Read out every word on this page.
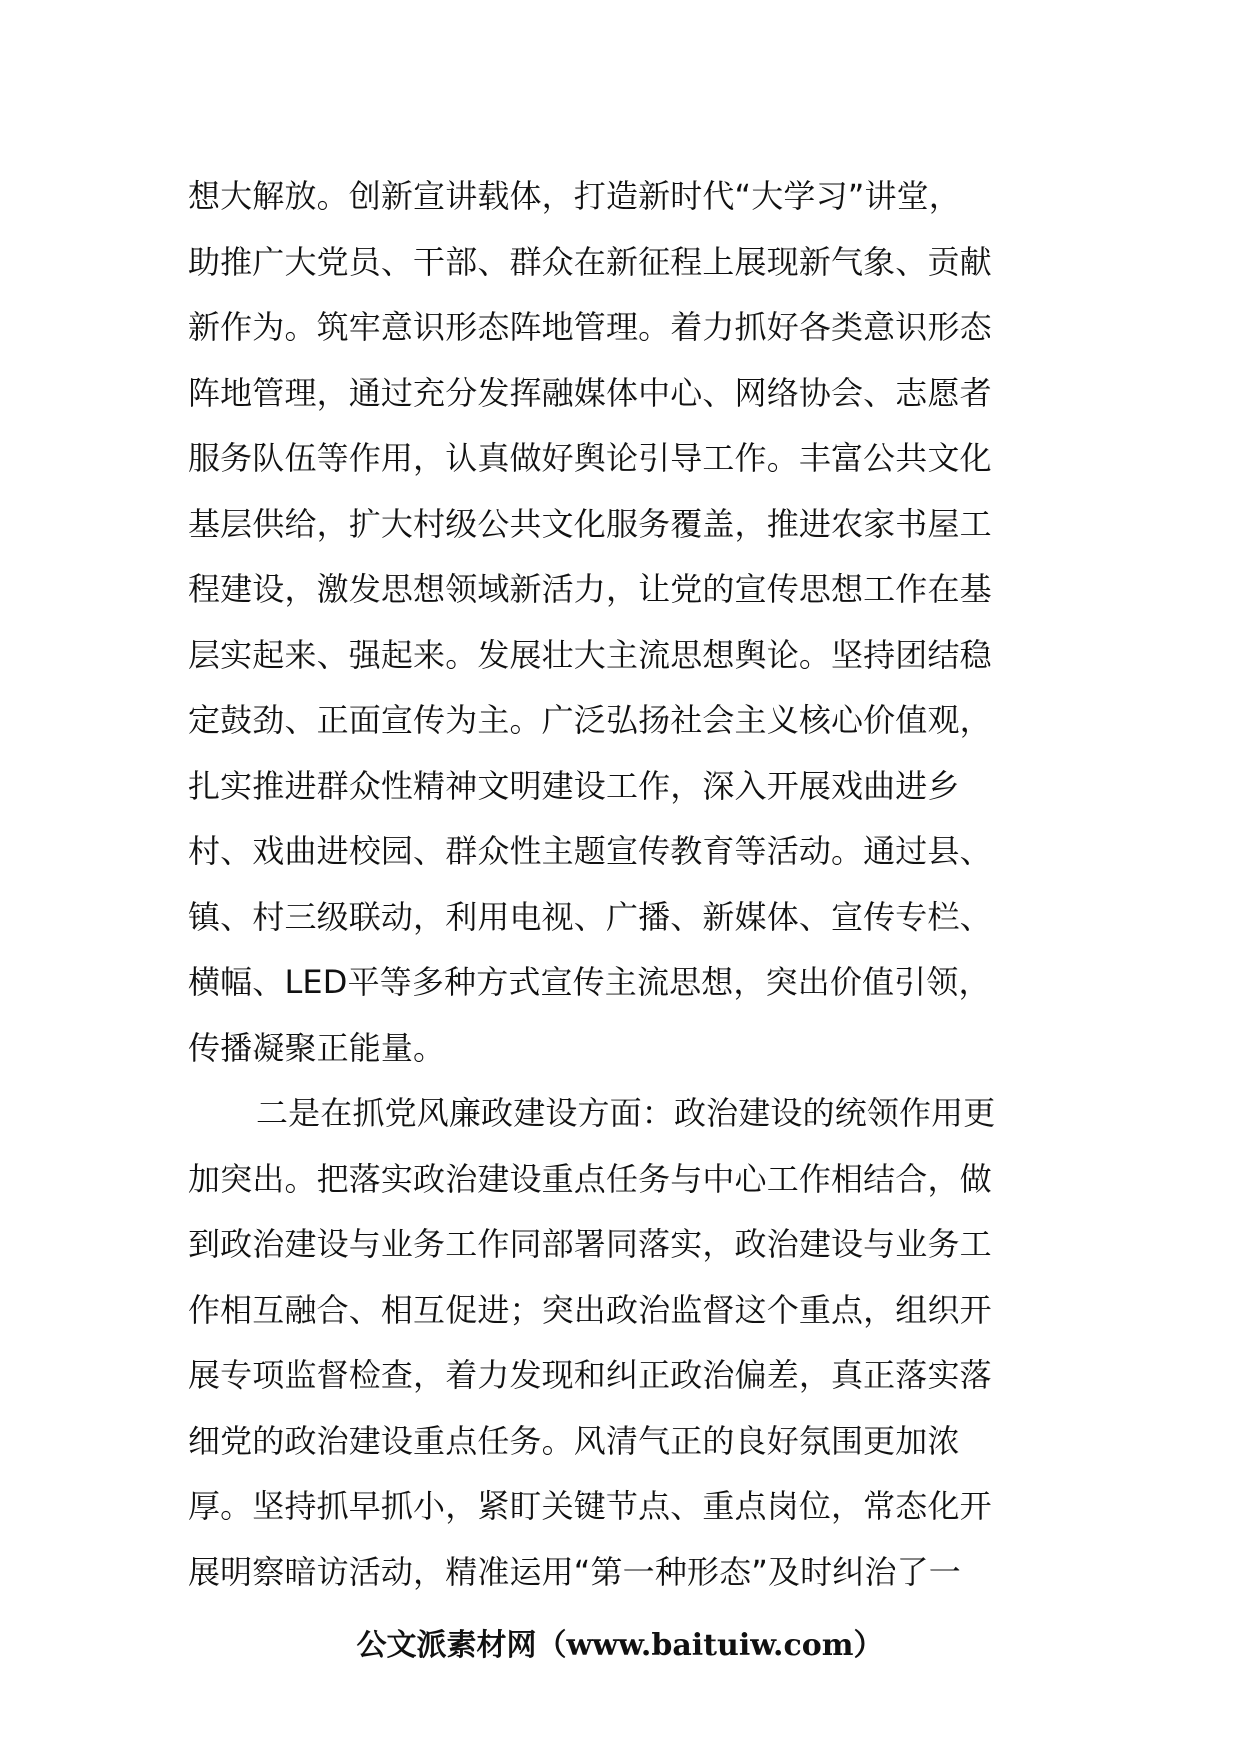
想大解放。创新宣讲载体，打造新时代“大学习”讲堂，
助推广大党员、干部、群众在新征程上展现新气象、贡献
新作为。筑牢意识形态阵地管理。着力抓好各类意识形态
阵地管理，通过充分发挥融媒体中心、网络协会、志愿者
服务队伍等作用，认真做好舆论引导工作。丰富公共文化
基层供给，扩大村级公共文化服务覆盖，推进农家书屋工
程建设，激发思想领域新活力，让党的宣传思想工作在基
层实起来、强起来。发展壮大主流思想舆论。坚持团结稳
定鼓劲、正面宣传为主。广泛弘扬社会主义核心价值观，
扎实推进群众性精神文明建设工作，深入开展戏曲进乡
村、戏曲进校园、群众性主题宣传教育等活动。通过县、
镇、村三级联动，利用电视、广播、新媒体、宣传专栏、
横幅、LED平等多种方式宣传主流思想，突出价值引领，
传播凝聚正能量。
二是在抓党风廉政建设方面：政治建设的统领作用更
加突出。把落实政治建设重点任务与中心工作相结合，做
到政治建设与业务工作同部署同落实，政治建设与业务工
作相互融合、相互促进；突出政治监督这个重点，组织开
展专项监督检查，着力发现和纠正政治偏差，真正落实落
细党的政治建设重点任务。风清气正的良好氛围更加浓
厚。坚持抓早抓小，紧盯关键节点、重点岗位，常态化开
展明察暗访活动，精准运用“第一种形态”及时纠治了一
公文派素材网（www.baituiw.com）
